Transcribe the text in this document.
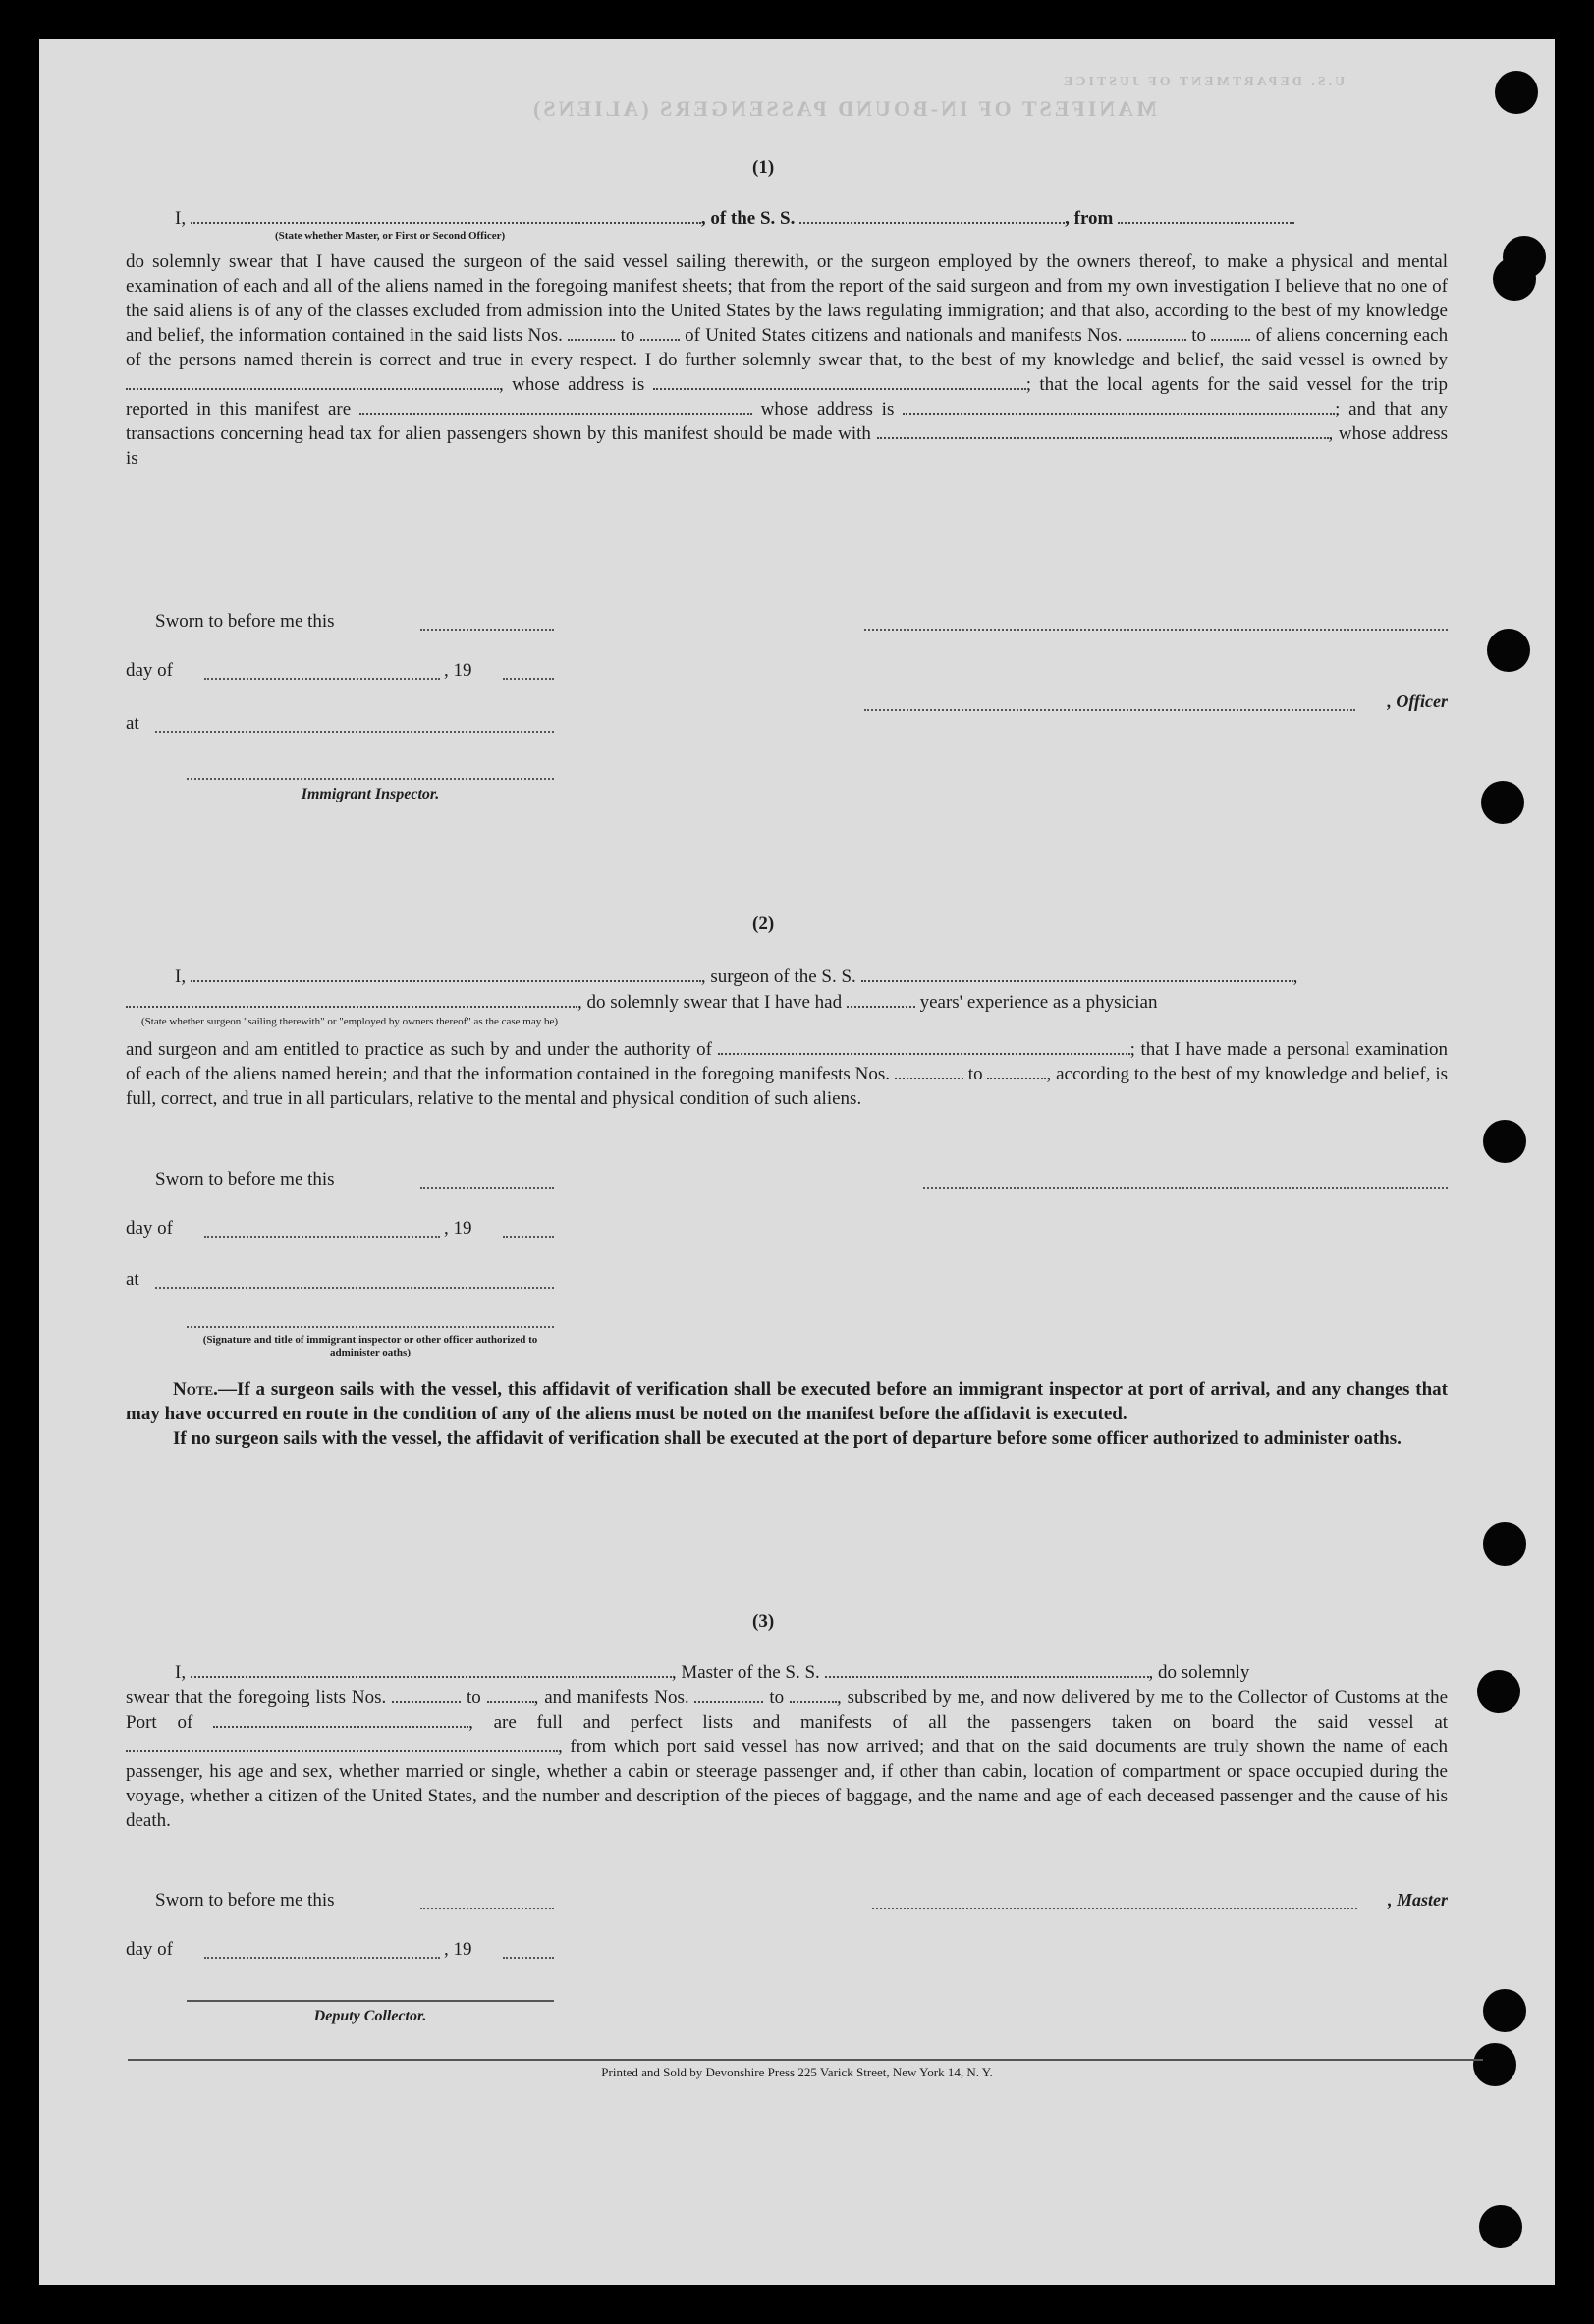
MANIFEST OF IN-BOUND PASSENGERS (ALIENS)
U.S. DEPARTMENT OF JUSTICE
(1)
I,	, of the S. S.	, from
(State whether Master, or First or Second Officer)

do solemnly swear that I have caused the surgeon of the said vessel sailing therewith, or the surgeon employed by the owners thereof, to make a physical and mental examination of each and all of the aliens named in the foregoing manifest sheets; that from the report of the said surgeon and from my own investigation I believe that no one of the said aliens is of any of the classes excluded from admission into the United States by the laws regulating immigration; and that also, according to the best of my knowledge and belief, the information contained in the said lists Nos.	to	of United States citizens and nationals and manifests Nos.	to	of aliens concerning each of the persons named therein is correct and true in every respect. I do further solemnly swear that, to the best of my knowledge and belief, the said vessel is owned by , whose address is	; that the local agents for the said vessel for the trip reported in this manifest are	whose address is	; and that any transactions concerning head tax for alien passengers shown by this manifest should be made with	, whose address is

Sworn to before me this
day of	, 19
, Officer
at
Immigrant Inspector.
(2)
I,	, surgeon of the S. S.	,
, do solemnly swear that I have had	years' experience as a physician
(State whether surgeon "sailing therewith" or "employed by owners thereof" as the case may be)

and surgeon and am entitled to practice as such by and under the authority of	; that I have made a personal examination of each of the aliens named herein; and that the information contained in the foregoing manifests Nos.	to	, according to the best of my knowledge and belief, is full, correct, and true in all particulars, relative to the mental and physical condition of such aliens.

Sworn to before me this
day of	, 19
at
(Signature and title of immigrant inspector or other officer authorized to administer oaths)

Note.—If a surgeon sails with the vessel, this affidavit of verification shall be executed before an immigrant inspector at port of arrival, and any changes that may have occurred en route in the condition of any of the aliens must be noted on the manifest before the affidavit is executed.

If no surgeon sails with the vessel, the affidavit of verification shall be executed at the port of departure before some officer authorized to administer oaths.

(3)
I,	, Master of the S. S.	, do solemnly

swear that the foregoing lists Nos.	to	, and manifests Nos.	to	, subscribed by me, and now delivered by me to the Collector of Customs at the Port of	, are full and perfect lists and manifests of all the passengers taken on board the said vessel at , from which port said vessel has now arrived; and that on the said documents are truly shown the name of each passenger, his age and sex, whether married or single, whether a cabin or steerage passenger and, if other than cabin, location of compartment or space occupied during the voyage, whether a citizen of the United States, and the number and description of the pieces of baggage, and the name and age of each deceased passenger and the cause of his death.

Sworn to before me this	, Master
day of	, 19
Deputy Collector.
Printed and Sold by Devonshire Press 225 Varick Street, New York 14, N. Y.
